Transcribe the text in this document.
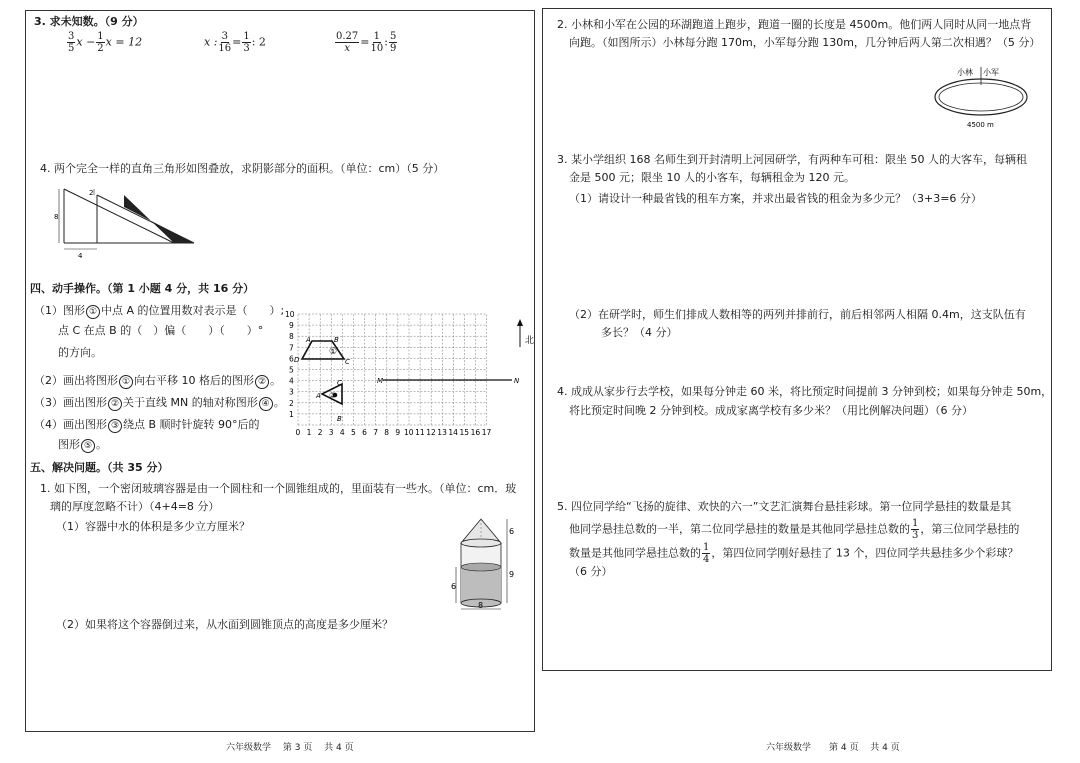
3. 求未知数。（9 分）
$\frac{3}{5}$ $x - \frac{1}{2}$ x = 12	x : $\frac{3}{16} = \frac{1}{3}$ : 2	$\frac{0.27}{x} = \frac{1}{10}$ : $\frac{5}{9}$
4. 两个完全一样的直角三角形如图叠放，求阴影部分的面积。（单位：cm）（5 分）
2
8
4
四、动手操作。（第 1 小题 4 分，共 16 分）
（1）图形 ① 中点 A 的位置用数对表示是（　　）;
点 C 在点 B 的（　）偏（　　）（　　）°
的方向。
（2）画出将图形 ① 向右平移 10 格后的图形 ② 。
（3）画出图形 ② 关于直线 MN 的轴对称图形 ④ 。
（4）画出图形 ③ 绕点 B 顺时针旋转 90°后的
图形 ⑤ 。
0 1 2 3 4 5 6 7 8 9 10 11 12 13 14 15 16 17
1
2
3
4
5
6
7
8
9
10
①
③
A	B
C
D
M	N
A
B
C
北
五、解决问题。（共 35 分）
1. 如下图，一个密闭玻璃容器是由一个圆柱和一个圆锥组成的，里面装有一些水。（单位：cm．玻
璃的厚度忽略不计）（4+4=8 分）
（1）容器中水的体积是多少立方厘米？
（2）如果将这个容器倒过来，从水面到圆锥顶点的高度是多少厘米？
6
9
6
8
六年级数学　 第 3 页　 共 4 页
2. 小林和小军在公园的环湖跑道上跑步，跑道一圈的长度是 4500m。他们两人同时从同一地点背
向跑。（如图所示）小林每分跑 170m，小军每分跑 130m，几分钟后两人第二次相遇？（5 分）
小林 小军
4500 m
3. 某小学组织 168 名师生到开封清明上河园研学，有两种车可租：限坐 50 人的大客车，每辆租
金是 500 元；限坐 10 人的小客车，每辆租金为 120 元。
（1）请设计一种最省钱的租车方案，并求出最省钱的租金为多少元？（3+3=6 分）
（2）在研学时，师生们排成人数相等的两列并排前行，前后相邻两人相隔 0.4m，这支队伍有
多长？（4 分）
4. 成成从家步行去学校，如果每分钟走 60 米，将比预定时间提前 3 分钟到校；如果每分钟走 50m，
将比预定时间晚 2 分钟到校。成成家离学校有多少米？（用比例解决问题）（6 分）
5. 四位同学给“飞扬的旋律、欢快的六一”文艺汇演舞台悬挂彩球。第一位同学悬挂的数量是其
他同学悬挂总数的一半，第二位同学悬挂的数量是其他同学悬挂总数的 $\frac{1}{3}$ ，第三位同学悬挂的
数量是其他同学悬挂总数的 $\frac{1}{4}$ ，第四位同学刚好悬挂了 13 个，四位同学共悬挂多少个彩球？
（6 分）
六年级数学　　第 4 页　 共 4 页
